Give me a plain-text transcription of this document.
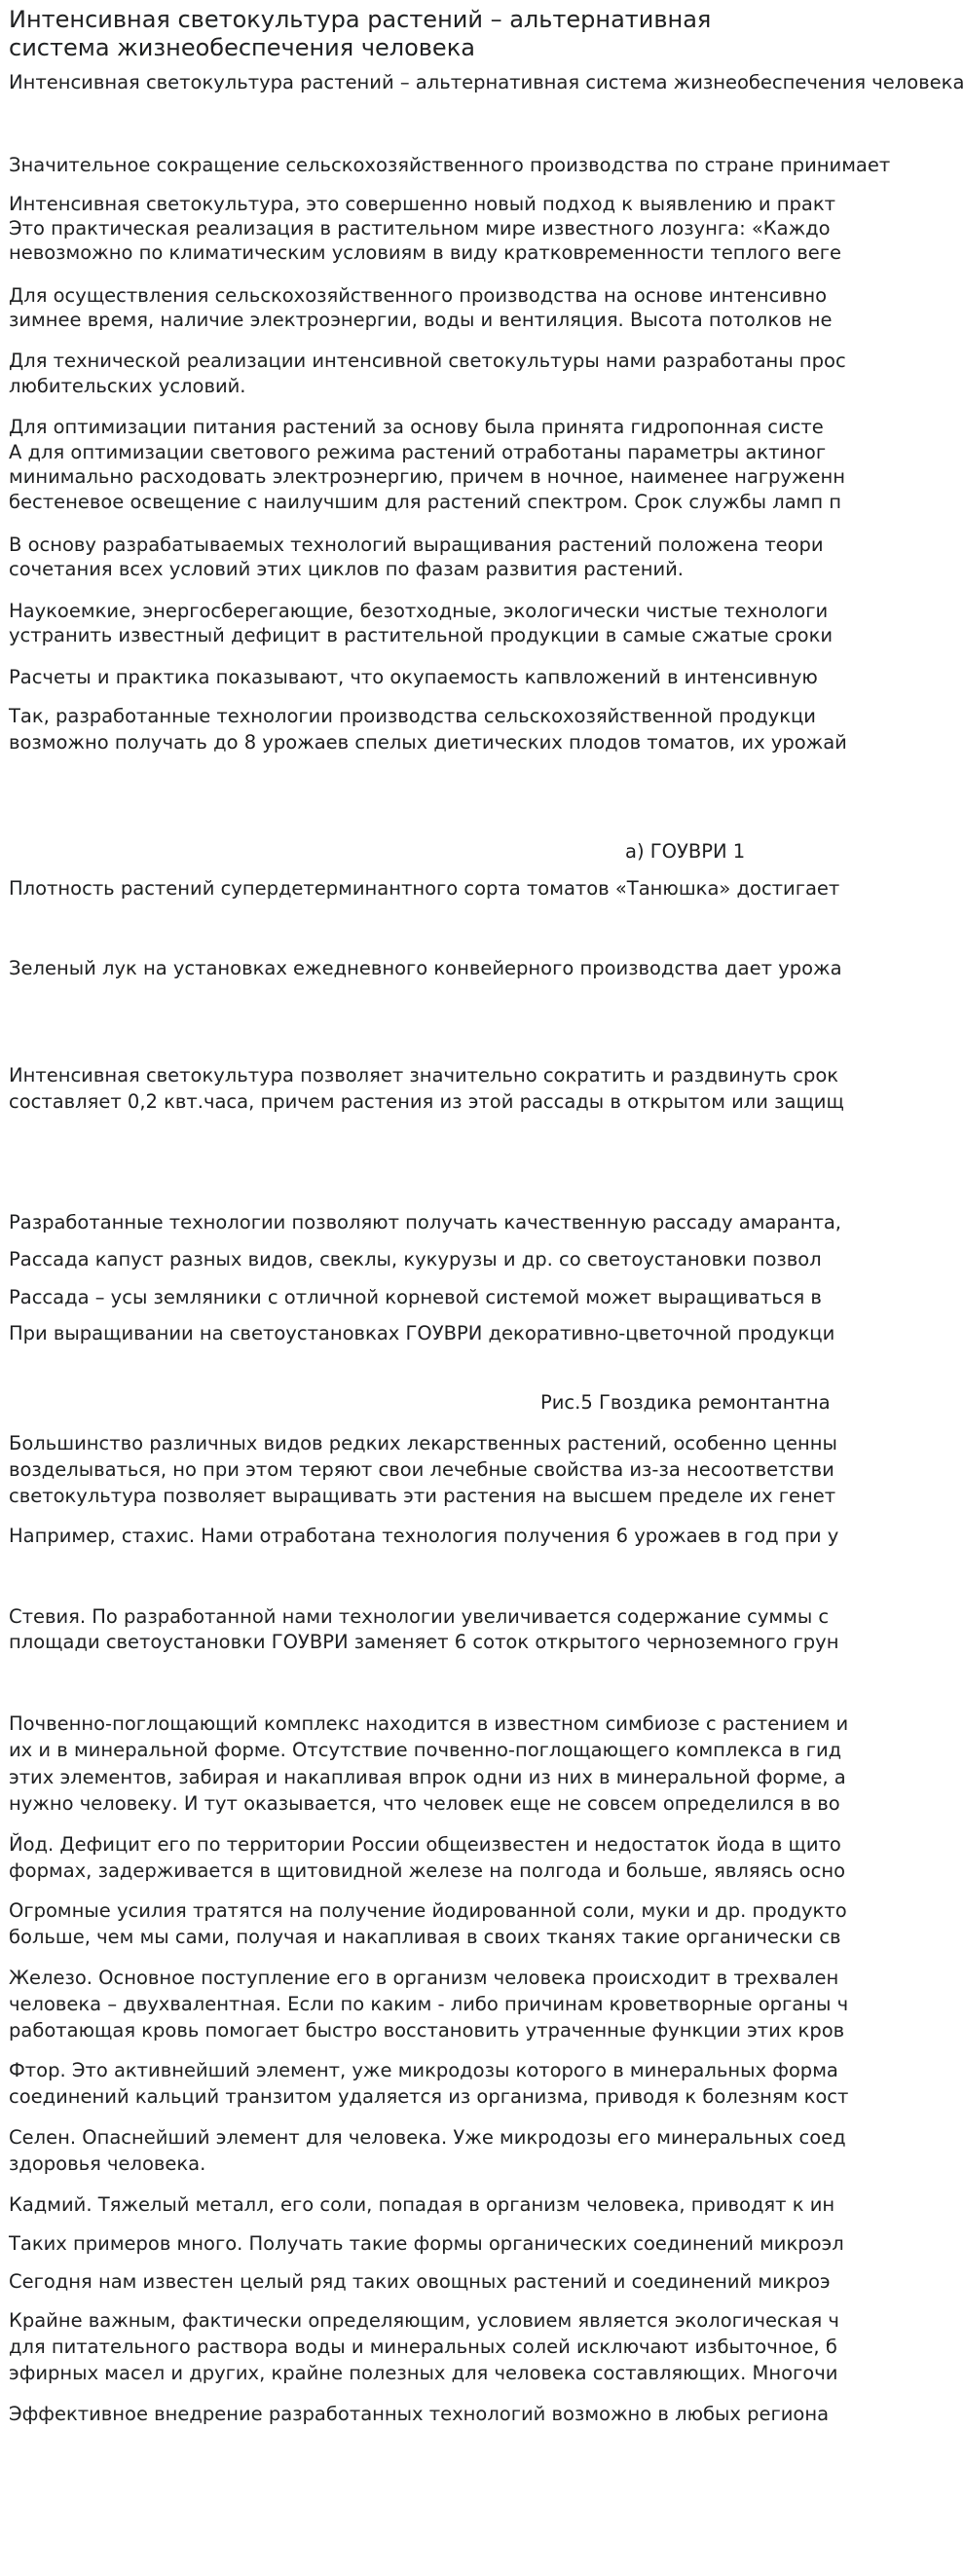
Интенсивная светокультура растений – альтернативная система жизнеобеспечения человека

Интенсивная светокультура растений – альтернативная система жизнеобеспечения человека

Значительное сокращение сельскохозяйственного производства по стране принимает

Интенсивная светокультура, это совершенно новый подход к выявлению и практ

Это практическая реализация в растительном мире известного лозунга: «Каждо

невозможно по климатическим условиям в виду кратковременности теплого веге

Для осуществления сельскохозяйственного производства на основе интенсивно

зимнее время, наличие электроэнергии, воды и вентиляция. Высота потолков не

Для технической реализации интенсивной светокультуры нами разработаны прос

любительских условий.

Для оптимизации питания растений за основу была принята гидропонная систе

А для оптимизации светового режима растений отработаны параметры актиног

минимально расходовать электроэнергию, причем в ночное, наименее нагруженн

бестеневое освещение с наилучшим для растений спектром. Срок службы ламп п

В основу разрабатываемых технологий выращивания растений положена теори

сочетания всех условий этих циклов по фазам развития растений.

Наукоемкие, энергосберегающие, безотходные, экологически чистые технологи

устранить известный дефицит в растительной продукции в самые сжатые сроки

Расчеты и практика показывают, что окупаемость капвложений в интенсивную

Так, разработанные технологии производства сельскохозяйственной продукци

возможно получать до 8 урожаев спелых диетических плодов томатов, их урожай

а) ГОУВРИ 1

Плотность растений супердетерминантного сорта томатов «Танюшка» достигает

Зеленый лук на установках ежедневного конвейерного производства дает урожа

Интенсивная светокультура позволяет значительно сократить и раздвинуть срок

составляет 0,2 квт.часа, причем растения из этой рассады в открытом или защищ

Разработанные технологии позволяют получать качественную рассаду амаранта,

Рассада капуст разных видов, свеклы, кукурузы и др. со светоустановки позвол

Рассада – усы земляники с отличной корневой системой может выращиваться в

При выращивании на светоустановках ГОУВРИ декоративно-цветочной продукци

Рис.5 Гвоздика ремонтантна

Большинство различных видов редких лекарственных растений, особенно ценны

возделываться, но при этом теряют свои лечебные свойства из-за несоответстви

светокультура позволяет выращивать эти растения на высшем пределе их генет

Например, стахис. Нами отработана технология получения 6 урожаев в год при у

Стевия. По разработанной нами технологии увеличивается содержание суммы с

площади светоустановки ГОУВРИ заменяет 6 соток открытого черноземного грун

Почвенно-поглощающий комплекс находится в известном симбиозе с растением и

их и в минеральной форме. Отсутствие почвенно-поглощающего комплекса в гид

этих элементов, забирая и накапливая впрок одни из них в минеральной форме, а

нужно человеку. И тут оказывается, что человек еще не совсем определился в во

Йод. Дефицит его по территории России общеизвестен и недостаток йода в щито

формах, задерживается в щитовидной железе на полгода и больше, являясь осно

Огромные усилия тратятся на получение йодированной соли, муки и др. продукто

больше, чем мы сами, получая и накапливая в своих тканях такие органически св

Железо. Основное поступление его в организм человека происходит в трехвален

человека – двухвалентная. Если по каким - либо причинам кроветворные органы ч

работающая кровь помогает быстро восстановить утраченные функции этих кров

Фтор. Это активнейший элемент, уже микродозы которого в минеральных форма

соединений кальций транзитом удаляется из организма, приводя к болезням кост

Селен. Опаснейший элемент для человека. Уже микродозы его минеральных соед

здоровья человека.

Кадмий. Тяжелый металл, его соли, попадая в организм человека, приводят к ин

Таких примеров много. Получать такие формы органических соединений микроэл

Сегодня нам известен целый ряд таких овощных растений и соединений микроэ

Крайне важным, фактически определяющим, условием является экологическая ч

для питательного раствора воды и минеральных солей исключают избыточное, б

эфирных масел и других, крайне полезных для человека составляющих. Многочи

Эффективное внедрение разработанных технологий возможно в любых региона
